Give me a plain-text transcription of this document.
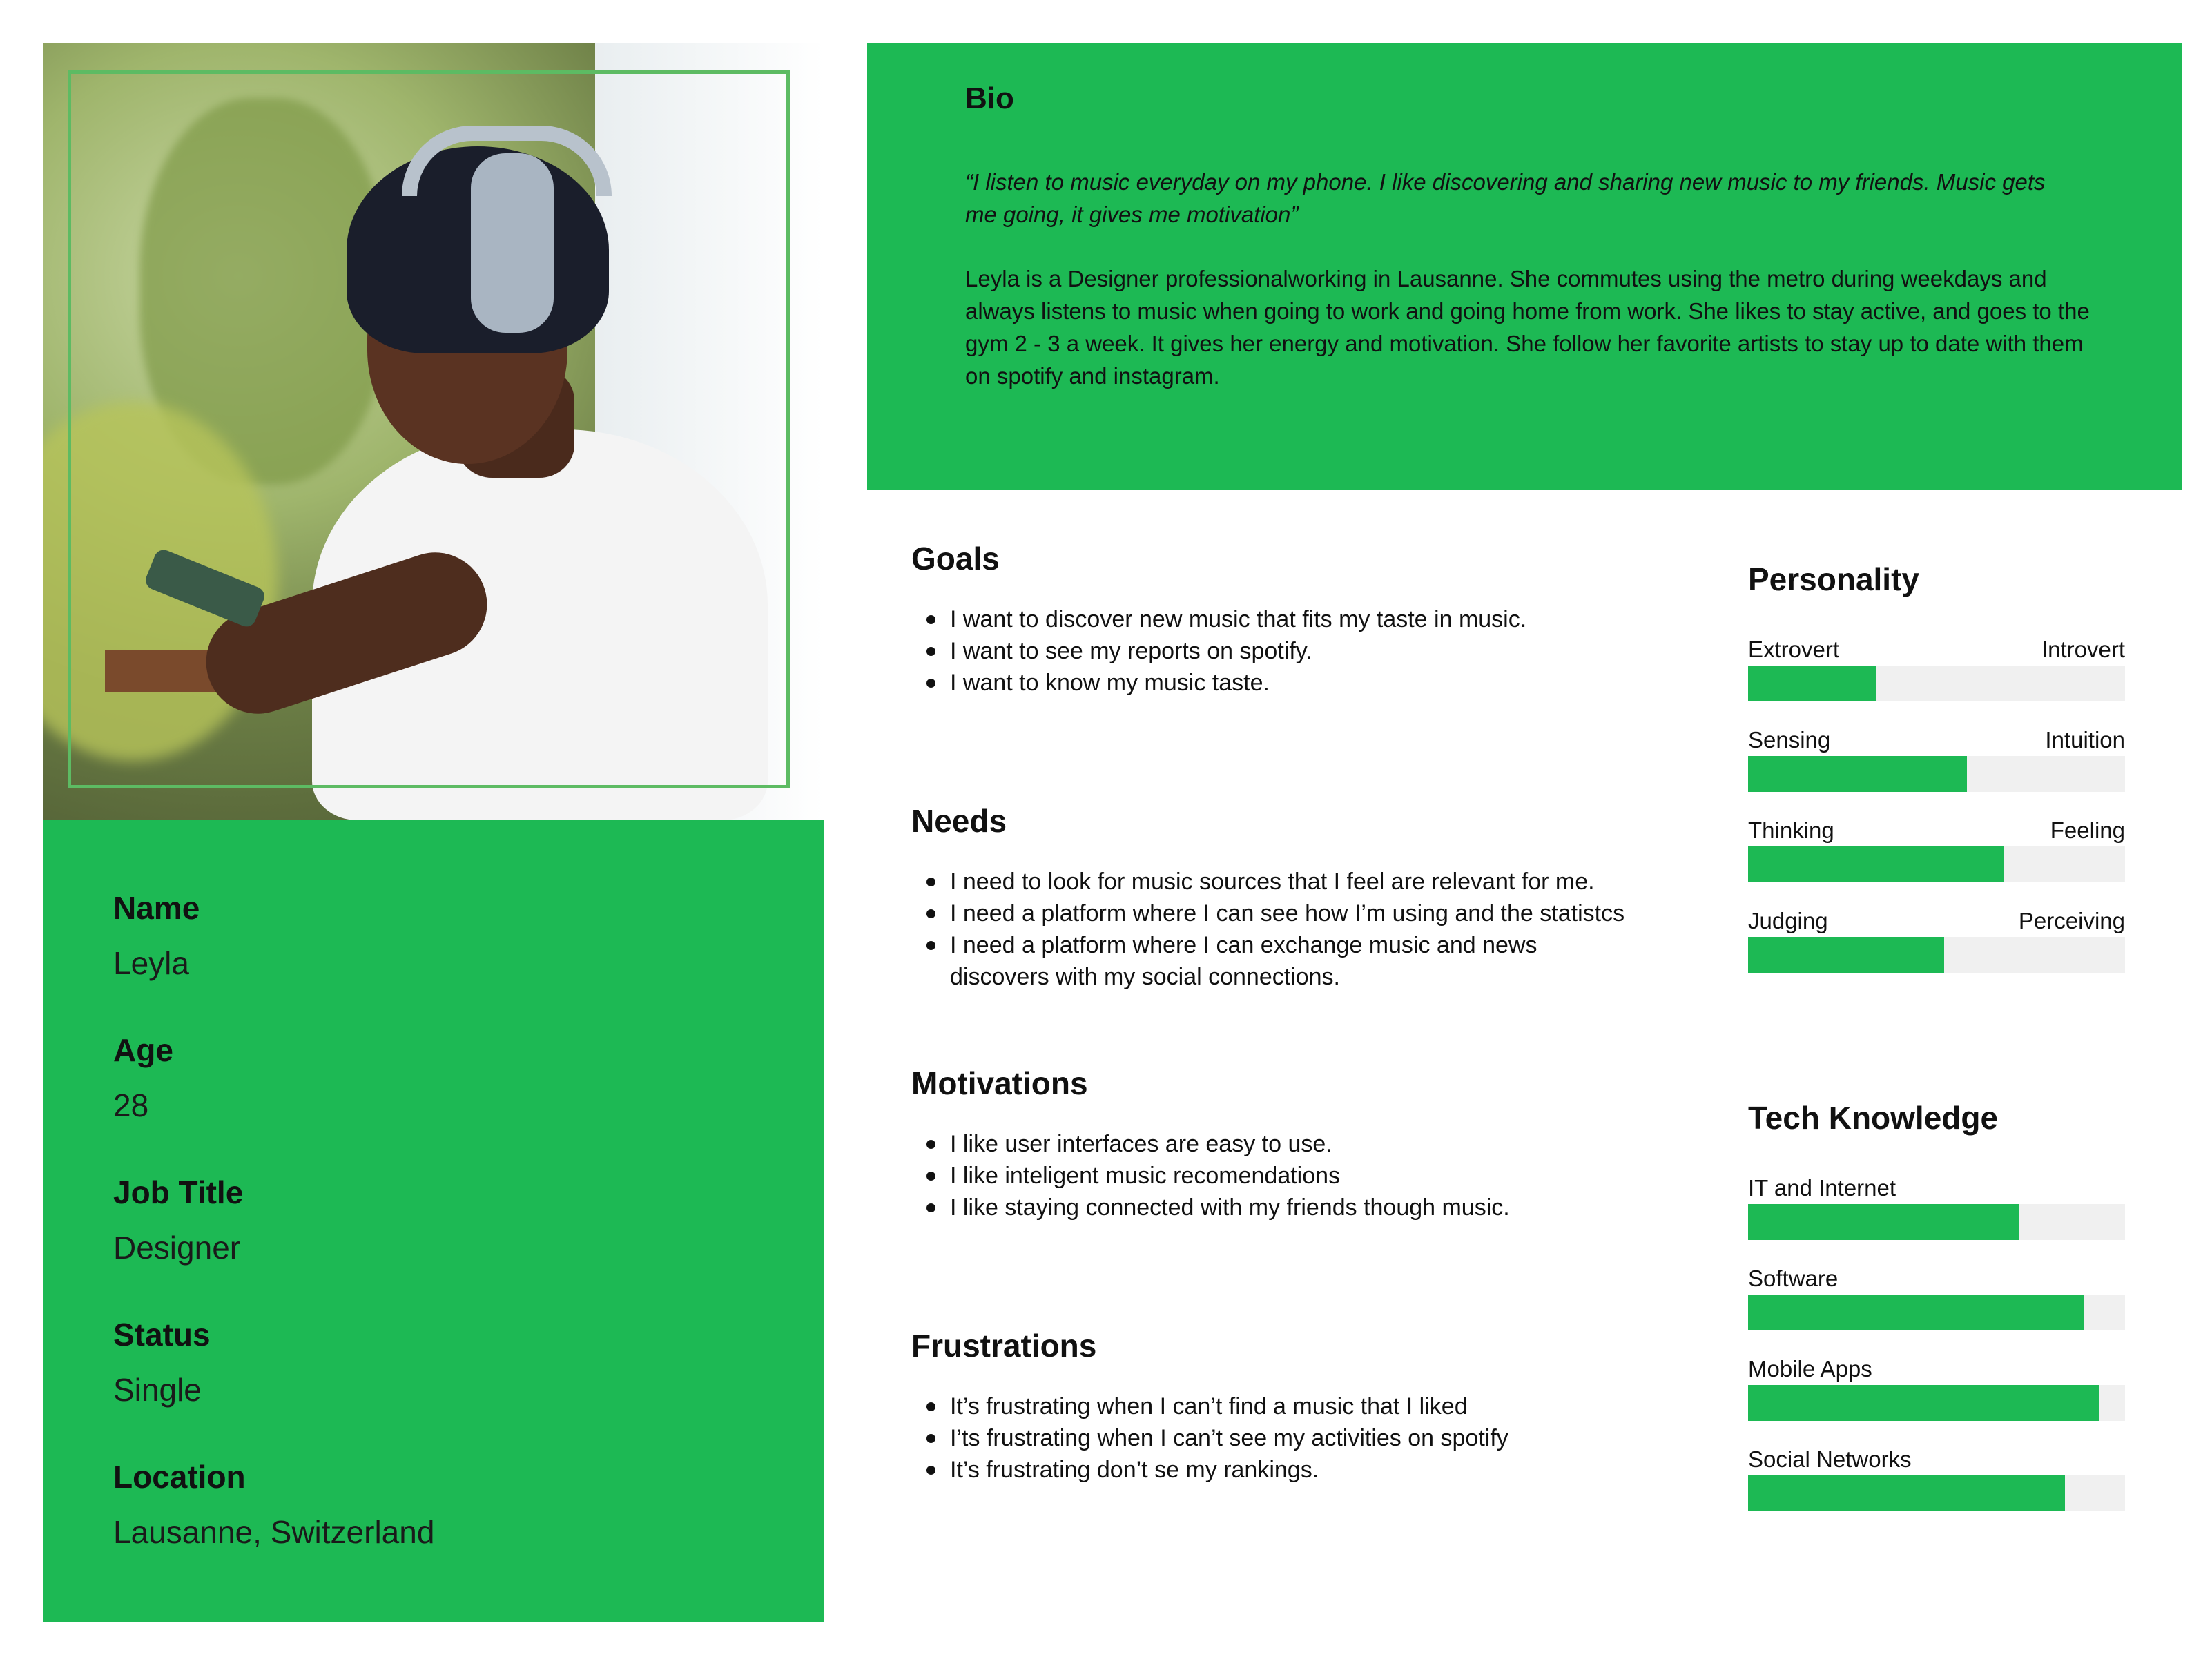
Name
Leyla
Age
28
Job Title
Designer
Status
Single
Location
Lausanne, Switzerland
Bio
“I listen to music everyday on my phone. I like discovering and sharing new music to my friends. Music gets me going, it gives me motivation”
Leyla is a Designer professionalworking in Lausanne. She commutes using the metro during weekdays and always listens to music when going to work and going home from work. She likes to stay active, and goes to the gym 2 - 3 a week. It gives her energy and motivation. She follow her favorite artists to stay up to date with them on spotify and instagram.
Goals
I want to discover new music that fits my taste in music.
I want to see my reports on spotify.
I want to know my music taste.
Needs
I need to look for music sources that I feel are relevant for me.
I need a platform where I can see how I’m using and the statistcs
I need a platform where I can exchange music and news discovers with my social connections.
Motivations
I like user interfaces are easy to use.
I like inteligent music recomendations
I like staying connected with my friends though music.
Frustrations
It’s frustrating when I can’t find a music that I liked
I’ts frustrating when I can’t see my activities on spotify
It’s frustrating don’t se my rankings.
Personality
Extrovert	Introvert
Sensing	Intuition
Thinking	Feeling
Judging	Perceiving
Tech Knowledge
IT and Internet
Software
Mobile Apps
Social Networks
